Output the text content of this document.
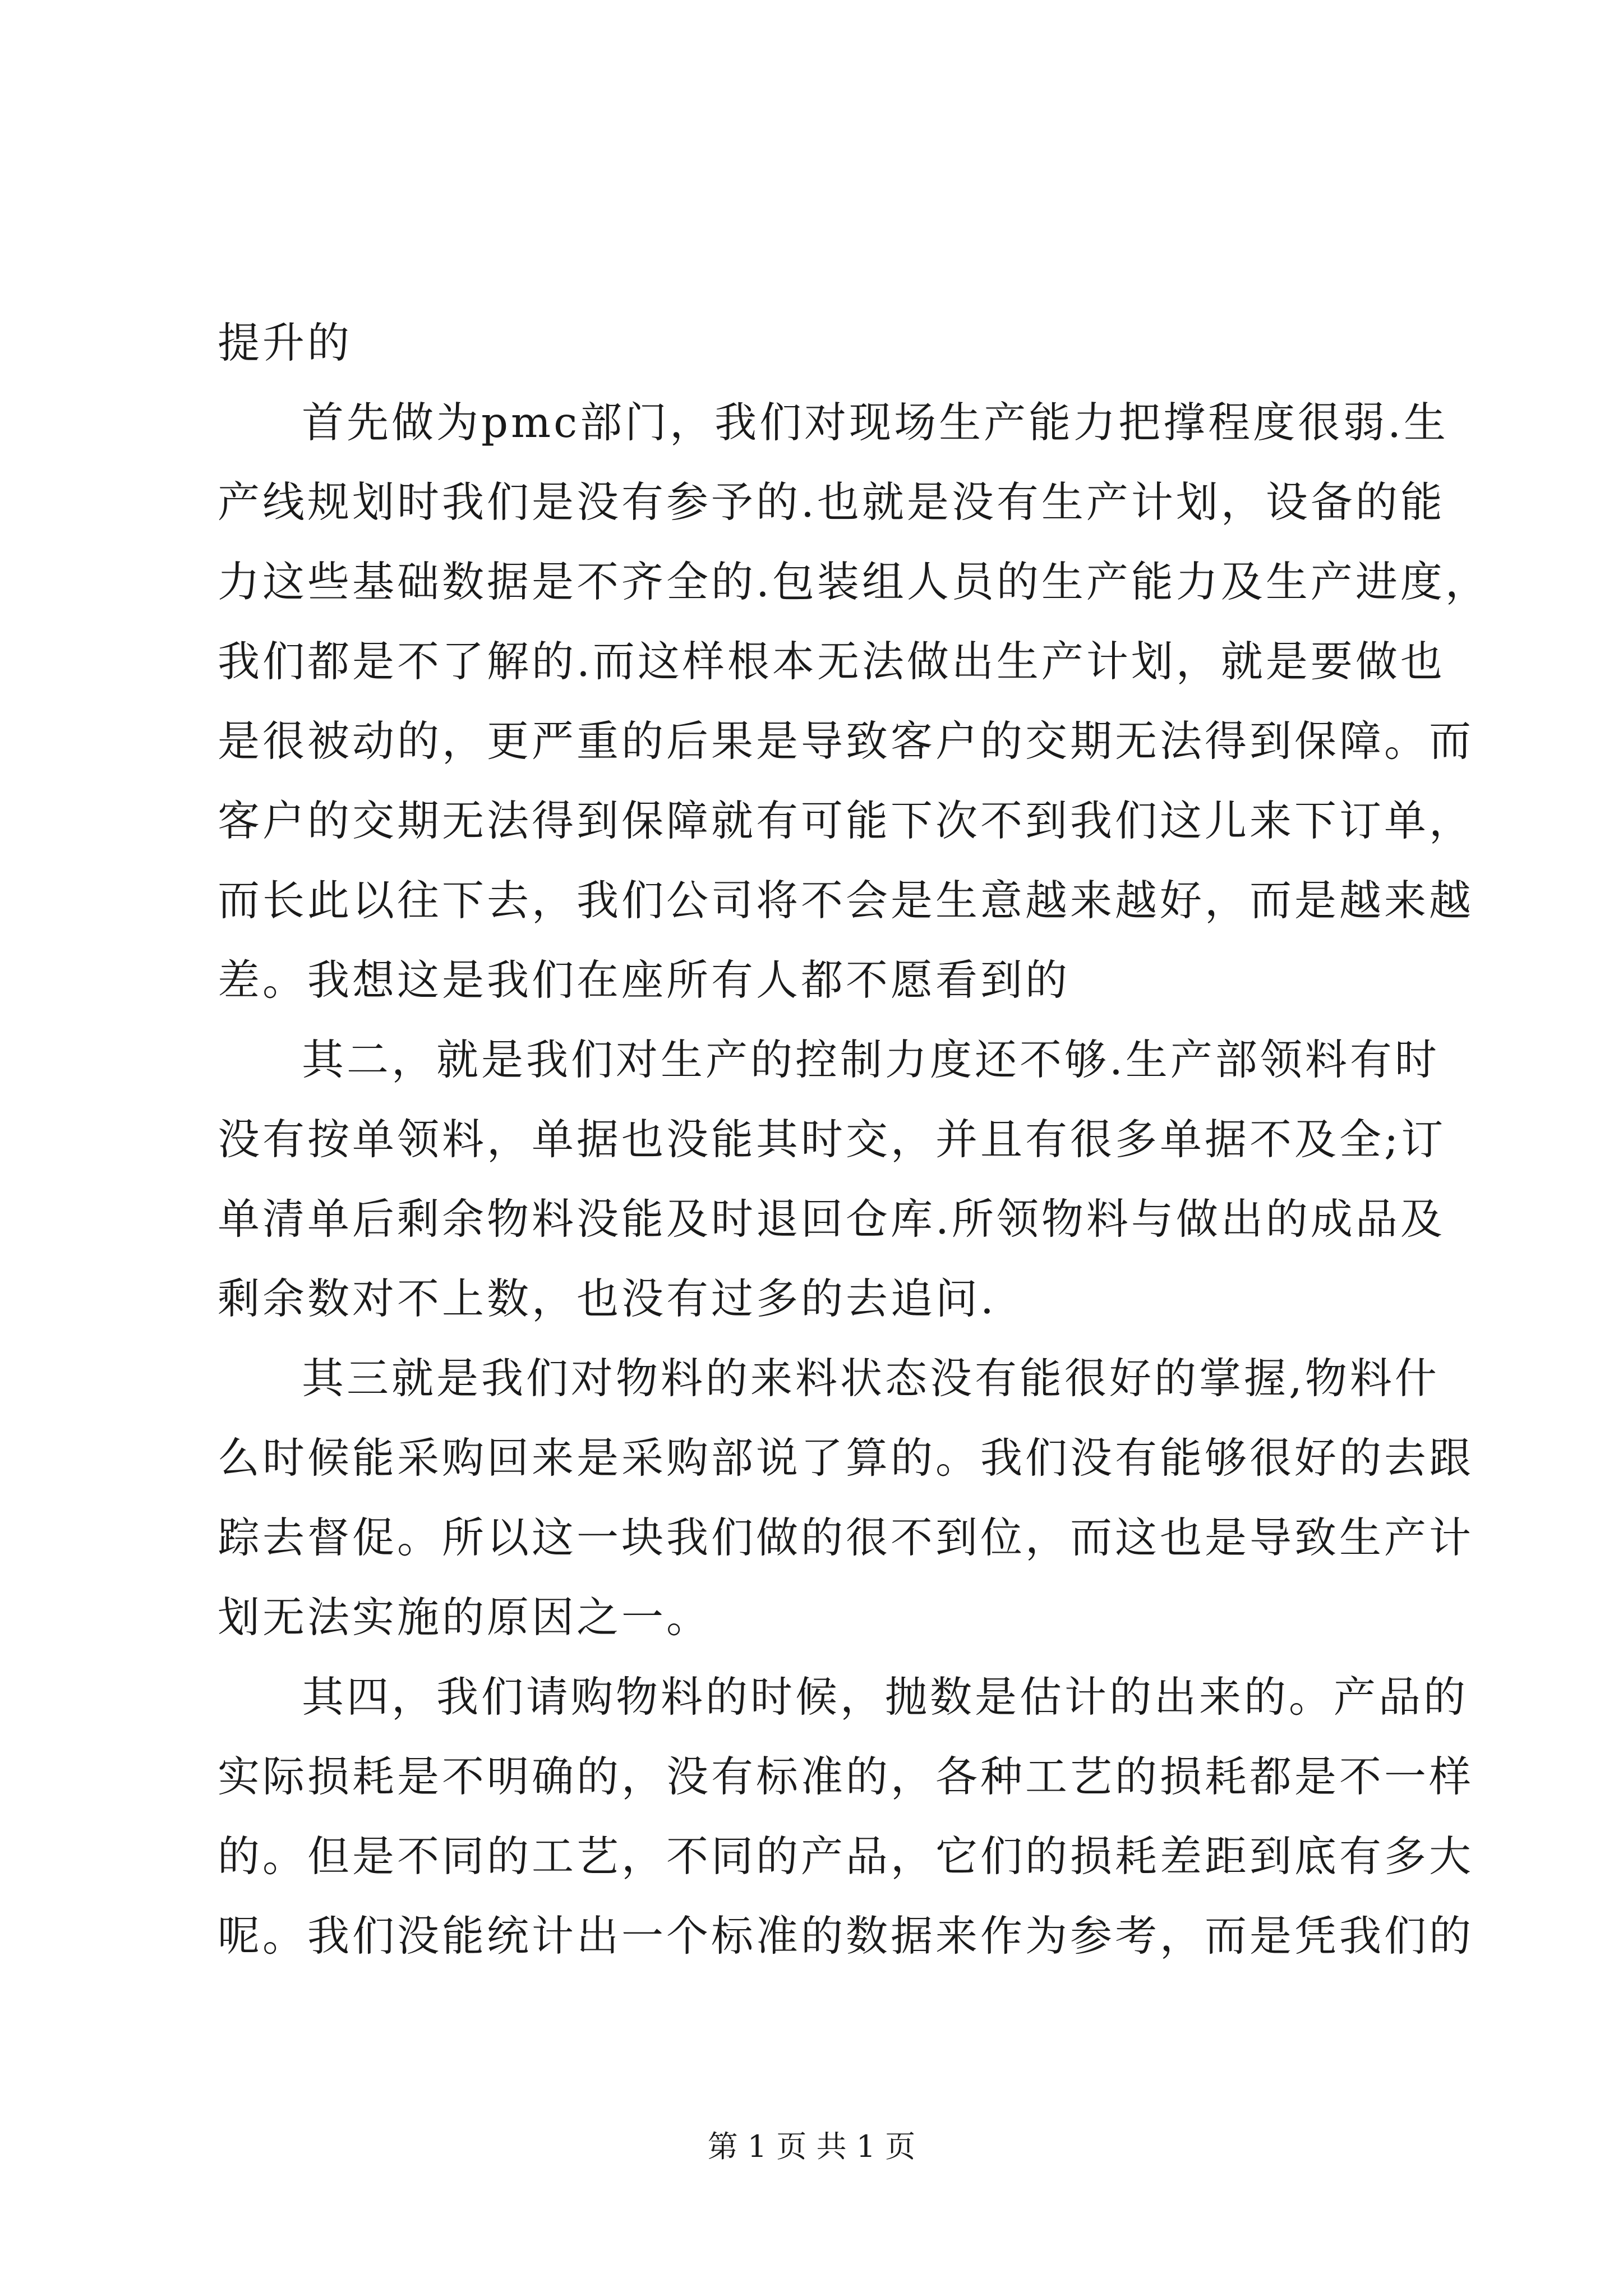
提升的
首先做为pmc部门，我们对现场生产能力把撑程度很弱.生
产线规划时我们是没有参予的.也就是没有生产计划，设备的能
力这些基础数据是不齐全的.包装组人员的生产能力及生产进度，
我们都是不了解的.而这样根本无法做出生产计划，就是要做也
是很被动的，更严重的后果是导致客户的交期无法得到保障。而
客户的交期无法得到保障就有可能下次不到我们这儿来下订单，
而长此以往下去，我们公司将不会是生意越来越好，而是越来越
差。我想这是我们在座所有人都不愿看到的
其二，就是我们对生产的控制力度还不够.生产部领料有时
没有按单领料，单据也没能其时交，并且有很多单据不及全;订
单清单后剩余物料没能及时退回仓库.所领物料与做出的成品及
剩余数对不上数，也没有过多的去追问.
其三就是我们对物料的来料状态没有能很好的掌握,物料什
么时候能采购回来是采购部说了算的。我们没有能够很好的去跟
踪去督促。所以这一块我们做的很不到位，而这也是导致生产计
划无法实施的原因之一。
其四，我们请购物料的时候，抛数是估计的出来的。产品的
实际损耗是不明确的，没有标准的，各种工艺的损耗都是不一样
的。但是不同的工艺，不同的产品，它们的损耗差距到底有多大
呢。我们没能统计出一个标准的数据来作为参考，而是凭我们的
第 1 页 共 1 页
